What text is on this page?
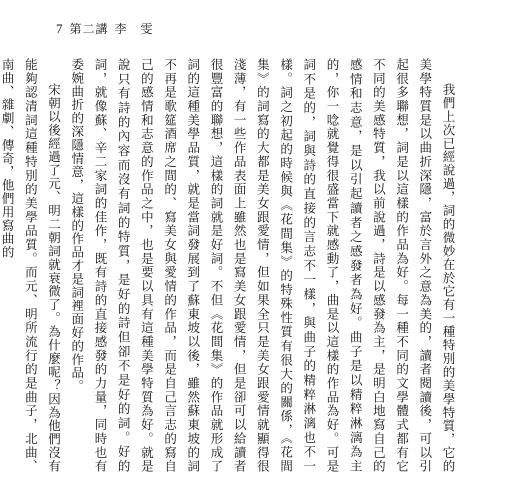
7 第二講 李　雯

我們上次已經說過，詞的微妙在於它有一種特別的美學特質，它的美學特質是以曲折深隱，富於言外之意為美的，讀者閱讀後，可以引起很多聯想，詞是以這樣的作品為好。每一種不同的文學體式都有它不同的美感特質，我以前說過，詩是以感發為主，是明白地寫自己的感情和志意，是以引起讀者之感發者為好。曲子是以精粹淋漓為主的，你一唸就覺得很盛當下就感動了，曲是以這樣的作品為好。可是詞不是的，詞與詩的直接的言志不一樣，與曲子的精粹淋漓也不一樣。詞之初起的時候與《花間集》的特殊性質有很大的關係，《花間集》的詞寫的大都是美女跟愛情，但如果全只是美女跟愛情就顯得很淺薄，有一些作品表面上雖然也是寫美女跟愛情，但是卻可以給讀者很豐富的聯想，這樣的詞就是好詞。不但《花間集》的作品就形成了詞的這種美學品質，就是當詞發展到了蘇東坡以後，雖然蘇東坡的詞不再是歌筵酒席之間的、寫美女與愛情的作品，而是自己言志的寫自己的感情和志意的作品之中，也是要以具有這種美學特質為好。就是說只有詩的內容而沒有詞的特質，是好的詩但卻不是好的詞。好的詞，就像蘇、辛二家詞的佳作，既有詩的直接感發的力量，同時也有委婉曲折的深隱情意，這樣的作品才是詞裡面好的作品。

宋朝以後經過了元、明二朝詞就衰微了。為什麼呢？因為他們沒有能夠認清詞這種特別的美學品質。而元、明所流行的是曲子，北曲、南曲、雜劇、傳奇，他們用寫曲的
